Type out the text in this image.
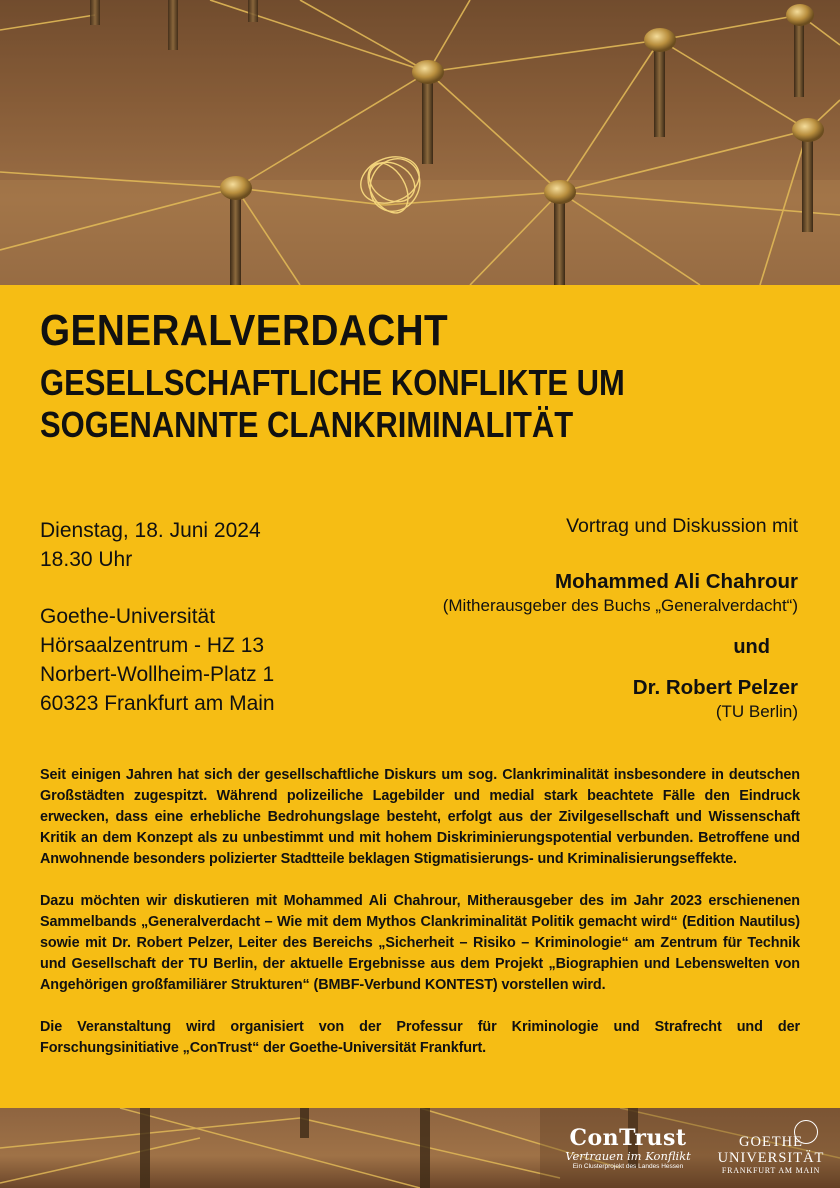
GENERALVERDACHT
GESELLSCHAFTLICHE KONFLIKTE UM
SOGENANNTE CLANKRIMINALITÄT
Dienstag, 18. Juni 2024
18.30 Uhr
Goethe-Universität
Hörsaalzentrum - HZ 13
Norbert-Wollheim-Platz 1
60323 Frankfurt am Main
Vortrag und Diskussion mit
Mohammed Ali Chahrour
(Mitherausgeber des Buchs „Generalverdacht“)
und
Dr. Robert Pelzer
(TU Berlin)

Seit einigen Jahren hat sich der gesellschaftliche Diskurs um sog. Clankriminalität insbesondere in deutschen Großstädten zugespitzt. Während polizeiliche Lagebilder und medial stark beachtete Fälle den Eindruck erwecken, dass eine erhebliche Bedrohungslage besteht, erfolgt aus der Zivilgesellschaft und Wissenschaft Kritik an dem Konzept als zu unbestimmt und mit hohem Diskriminierungspotential verbunden. Betroffene und Anwohnende besonders polizierter Stadtteile beklagen Stigmatisierungs- und Kriminalisierungseffekte.

Dazu möchten wir diskutieren mit Mohammed Ali Chahrour, Mitherausgeber des im Jahr 2023 erschienenen Sammelbands „Generalverdacht – Wie mit dem Mythos Clankriminalität Politik gemacht wird“ (Edition Nautilus) sowie mit Dr. Robert Pelzer, Leiter des Bereichs „Sicherheit – Risiko – Kriminologie“ am Zentrum für Technik und Gesellschaft der TU Berlin, der aktuelle Ergebnisse aus dem Projekt „Biographien und Lebenswelten von Angehörigen großfamiliärer Strukturen“ (BMBF-Verbund KONTEST) vorstellen wird.

Die Veranstaltung wird organisiert von der Professur für Kriminologie und Strafrecht und der Forschungsinitiative „ConTrust“ der Goethe-Universität Frankfurt.

ConTrust
Vertrauen im Konflikt
Ein Clusterprojekt des Landes Hessen
GOETHE
UNIVERSITÄT
FRANKFURT AM MAIN
